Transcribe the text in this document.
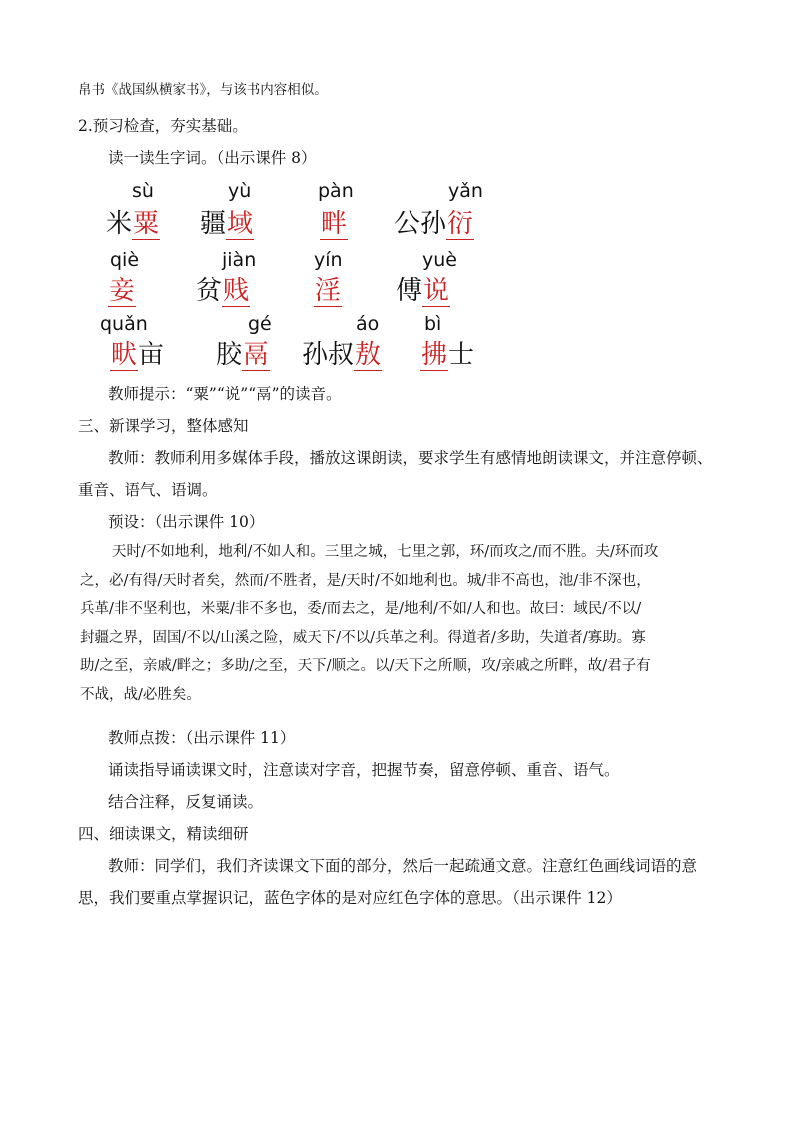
帛书《战国纵横家书》，与该书内容相似。
2.预习检查，夯实基础。
读一读生字词。（出示课件 8）
sù
米粟
yù
疆域
pàn
畔
yǎn
公孙衍
qiè
妾
jiàn
贫贱
yín
淫
yuè
傅说
quǎn
畎亩
gé
胶鬲
áo
孙叔敖
bì
拂士
教师提示：“粟”“说”“鬲”的读音。
三、新课学习，整体感知
教师：教师利用多媒体手段，播放这课朗读，要求学生有感情地朗读课文，并注意停顿、
重音、语气、语调。
预设：（出示课件 10）
天时/不如地利，地利/不如人和。三里之城，七里之郭，环/而攻之/而不胜。夫/环而攻
之，必/有得/天时者矣，然而/不胜者，是/天时/不如地利也。城/非不高也，池/非不深也，
兵革/非不坚利也，米粟/非不多也，委/而去之，是/地利/不如/人和也。故曰：域民/不以/
封疆之界，固国/不以/山溪之险，威天下/不以/兵革之利。得道者/多助，失道者/寡助。寡
助/之至，亲戚/畔之；多助/之至，天下/顺之。以/天下之所顺，攻/亲戚之所畔，故/君子有
不战，战/必胜矣。
教师点拨：（出示课件 11）
诵读指导诵读课文时，注意读对字音，把握节奏，留意停顿、重音、语气。
结合注释，反复诵读。
四、细读课文，精读细研
教师：同学们，我们齐读课文下面的部分，然后一起疏通文意。注意红色画线词语的意
思，我们要重点掌握识记，蓝色字体的是对应红色字体的意思。（出示课件 12）
